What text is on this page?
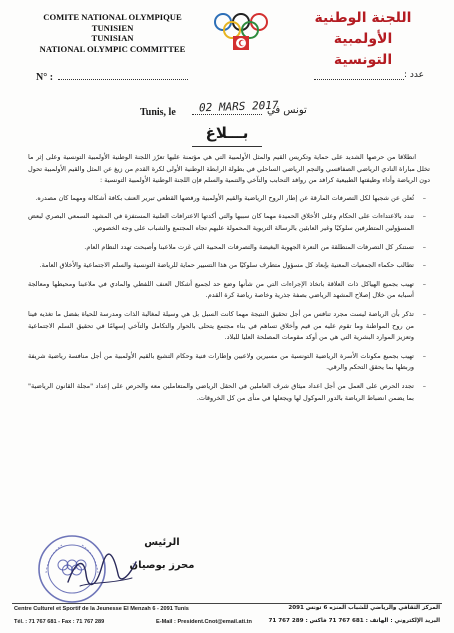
COMITE NATIONAL OLYMPIQUE
TUNISIEN
TUNISIAN
NATIONAL OLYMPIC COMMITTEE
اللجنة الوطنية الأولمبية
التونسية
N° :	عدد :
Tunis, le 02 MARS 2017
تونس في
بـــلاغ

انطلاقا من حرصها الشديد على حماية وتكريس القيم والمثل الأولمبية التي هي مؤتمنة عليها تعرّز اللجنة الوطنية الأولمبية التونسية وعلى إثر ما تخلل مباراة النادي الرياضي الصفاقسي والنجم الرياضي الساحلي في بطولة الرابطة الوطنية الأولى لكرة القدم من زيغ عن المثل والقيم الأولمبية تحول دون الرياضة وأداء وظيفتها الطبيعية كرافد من روافد التحابب والتآخي والتنمية والسلم فإن اللجنة الوطنية الأولمبية التونسية :

–
تُعلن عن شجبها لكل التصرفات المارقة عن إطار الروح الرياضية والقيم الأولمبية ورفضها القطعي تبرير العنف بكافة أشكاله ومهما كان مصدره.
–
تندد بالاعتداءات على الحكام وعلى الأخلاق الحميدة مهما كان سببها والتي أكدتها الاعترافات العلنية المستفزة في المشهد السمعي البصري لبعض المسؤولين المتطرفين سلوكيًا وغير العابئين بالرسالة التربوية المحمولة عليهم تجاه المجتمع والشباب على وجه الخصوص.
–
تستنكر كل التصرفات المنطلقة من النعرة الجهوية البغيضة والتصرفات المحبية التي غزت ملاعبنا وأصبحت تهدد النظام العام.
–
تطالب حكماء الجمعيات المعنية بإبعاد كل مسؤول متطرف سلوكيًا من هذا التسيير حماية للرياضة التونسية والسلم الاجتماعية والأخلاق العامة.
–
تهيب بجميع الهياكل ذات العلاقة باتخاذ الإجراءات التي من شأنها وضع حد لجميع أشكال العنف اللفظي والمادي في ملاعبنا ومحيطها ومعالجة أسبابه من خلال إصلاح المشهد الرياضي بصفة جذرية وخاصة رياضة كرة القدم.
–
تذكر بأن الرياضة ليست مجرد تنافس من أجل تحقيق النتيجة مهما كانت السبل بل هي وسيلة لمغالبة الذات ومدرسة للحياة بفضل ما تغذيه فينا من روح المواطنة وما تقوم عليه من قيم وأخلاق تساهم في بناء مجتمع يتحلى بالحوار والتكامل والتآخي إسهامًا في تحقيق السلم الاجتماعية وتعزيز الموارد البشرية التي هي من أوكد مقومات المصلحة العليا للبلاد.
–
تهيب بجميع مكونات الأسرة الرياضية التونسية من مسيرين ولاعبين وإطارات فنية وحكام التشبع بالقيم الأولمبية من أجل منافسة رياضية شريفة وربطها بما يحقق التحكم والرقي.
–
تجدد الحرص على العمل من أجل اعداد ميثاق شرف العاملين في الحقل الرياضي والمتعاملين معه والحرص على إعداد "مجلة القانون الرياضية" بما يضمن انضباط الرياضة بالدور الموكول لها ويجعلها في منأى من كل الخروقات.
الرئيس
محرز بوصيان
Centre Culturel et Sportif de la Jeunesse El Menzah 6 - 2091 Tunis	المركز الثقافي والرياضي للشباب المنزه 6 تونس 2091
Tél. : 71 767 681 - Fax : 71 767 289	E-Mail : President.Cnot@email.ati.tn	البريد الإلكتروني : الهاتف : 681 767 71 فاكس : 289 767 71
